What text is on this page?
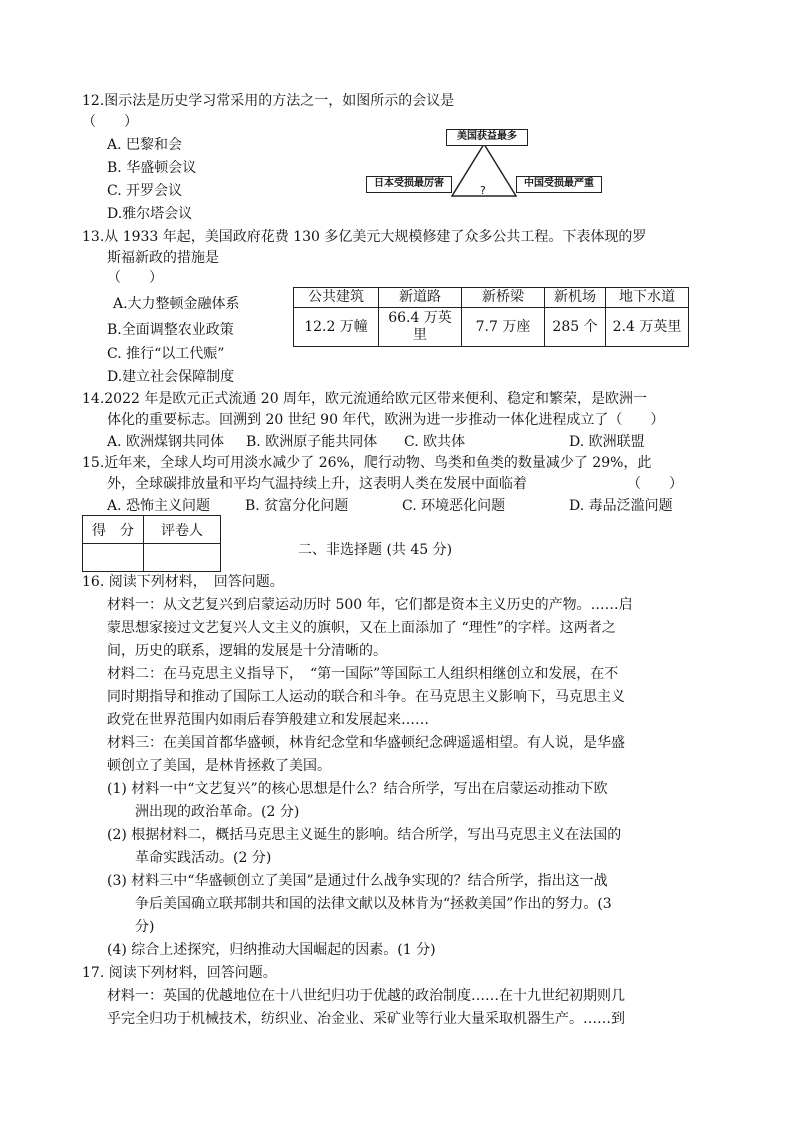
12.图示法是历史学习常采用的方法之一，如图所示的会议是
（　　）
A. 巴黎和会
B. 华盛顿会议
C. 开罗会议
D.雅尔塔会议
美国获益最多
日本受损最厉害	中国受损最严重
?
13.从 1933 年起，美国政府花费 130 多亿美元大规模修建了众多公共工程。下表体现的罗
斯福新政的措施是
（　　）
A.大力整顿金融体系
B.全面调整农业政策
C. 推行“以工代赈”
D.建立社会保障制度
公共建筑	新道路	新桥梁	新机场	地下水道
12.2 万幢	66.4 万英里	7.7 万座	285 个	2.4 万英里
14.2022 年是欧元正式流通 20 周年，欧元流通给欧元区带来便利、稳定和繁荣，是欧洲一
体化的重要标志。回溯到 20 世纪 90 年代，欧洲为进一步推动一体化进程成立了（　　）
A. 欧洲煤钢共同体 B. 欧洲原子能共同体 C. 欧共体	D. 欧洲联盟
15.近年来，全球人均可用淡水减少了 26%，爬行动物、鸟类和鱼类的数量减少了 29%，此
外，全球碳排放量和平均气温持续上升，这表明人类在发展中面临着	（　　）
A. 恐怖主义问题 B. 贫富分化问题	C. 环境恶化问题	D. 毒品泛滥问题
得　分	评卷人

二、非选择题 (共 45 分)
16. 阅读下列材料，　回答问题。
材料一：从文艺复兴到启蒙运动历时 500 年，它们都是资本主义历史的产物。……启
蒙思想家接过文艺复兴人文主义的旗帜，又在上面添加了 “理性”的字样。这两者之
间，历史的联系，逻辑的发展是十分清晰的。
材料二：在马克思主义指导下，　“第一国际”等国际工人组织相继创立和发展，在不
同时期指导和推动了国际工人运动的联合和斗争。在马克思主义影响下，马克思主义
政党在世界范围内如雨后春笋般建立和发展起来……
材料三：在美国首都华盛顿，林肯纪念堂和华盛顿纪念碑遥遥相望。有人说，是华盛
顿创立了美国，是林肯拯救了美国。
(1) 材料一中“文艺复兴”的核心思想是什么？结合所学，写出在启蒙运动推动下欧
洲出现的政治革命。(2 分)
(2) 根据材料二，概括马克思主义诞生的影响。结合所学，写出马克思主义在法国的
革命实践活动。(2 分)
(3) 材料三中“华盛顿创立了美国”是通过什么战争实现的？结合所学，指出这一战
争后美国确立联邦制共和国的法律文献以及林肯为“拯救美国”作出的努力。(3
分)
(4) 综合上述探究，归纳推动大国崛起的因素。(1 分)
17. 阅读下列材料，回答问题。
材料一：英国的优越地位在十八世纪归功于优越的政治制度……在十九世纪初期则几
乎完全归功于机械技术，纺织业、冶金业、采矿业等行业大量采取机器生产。……到
